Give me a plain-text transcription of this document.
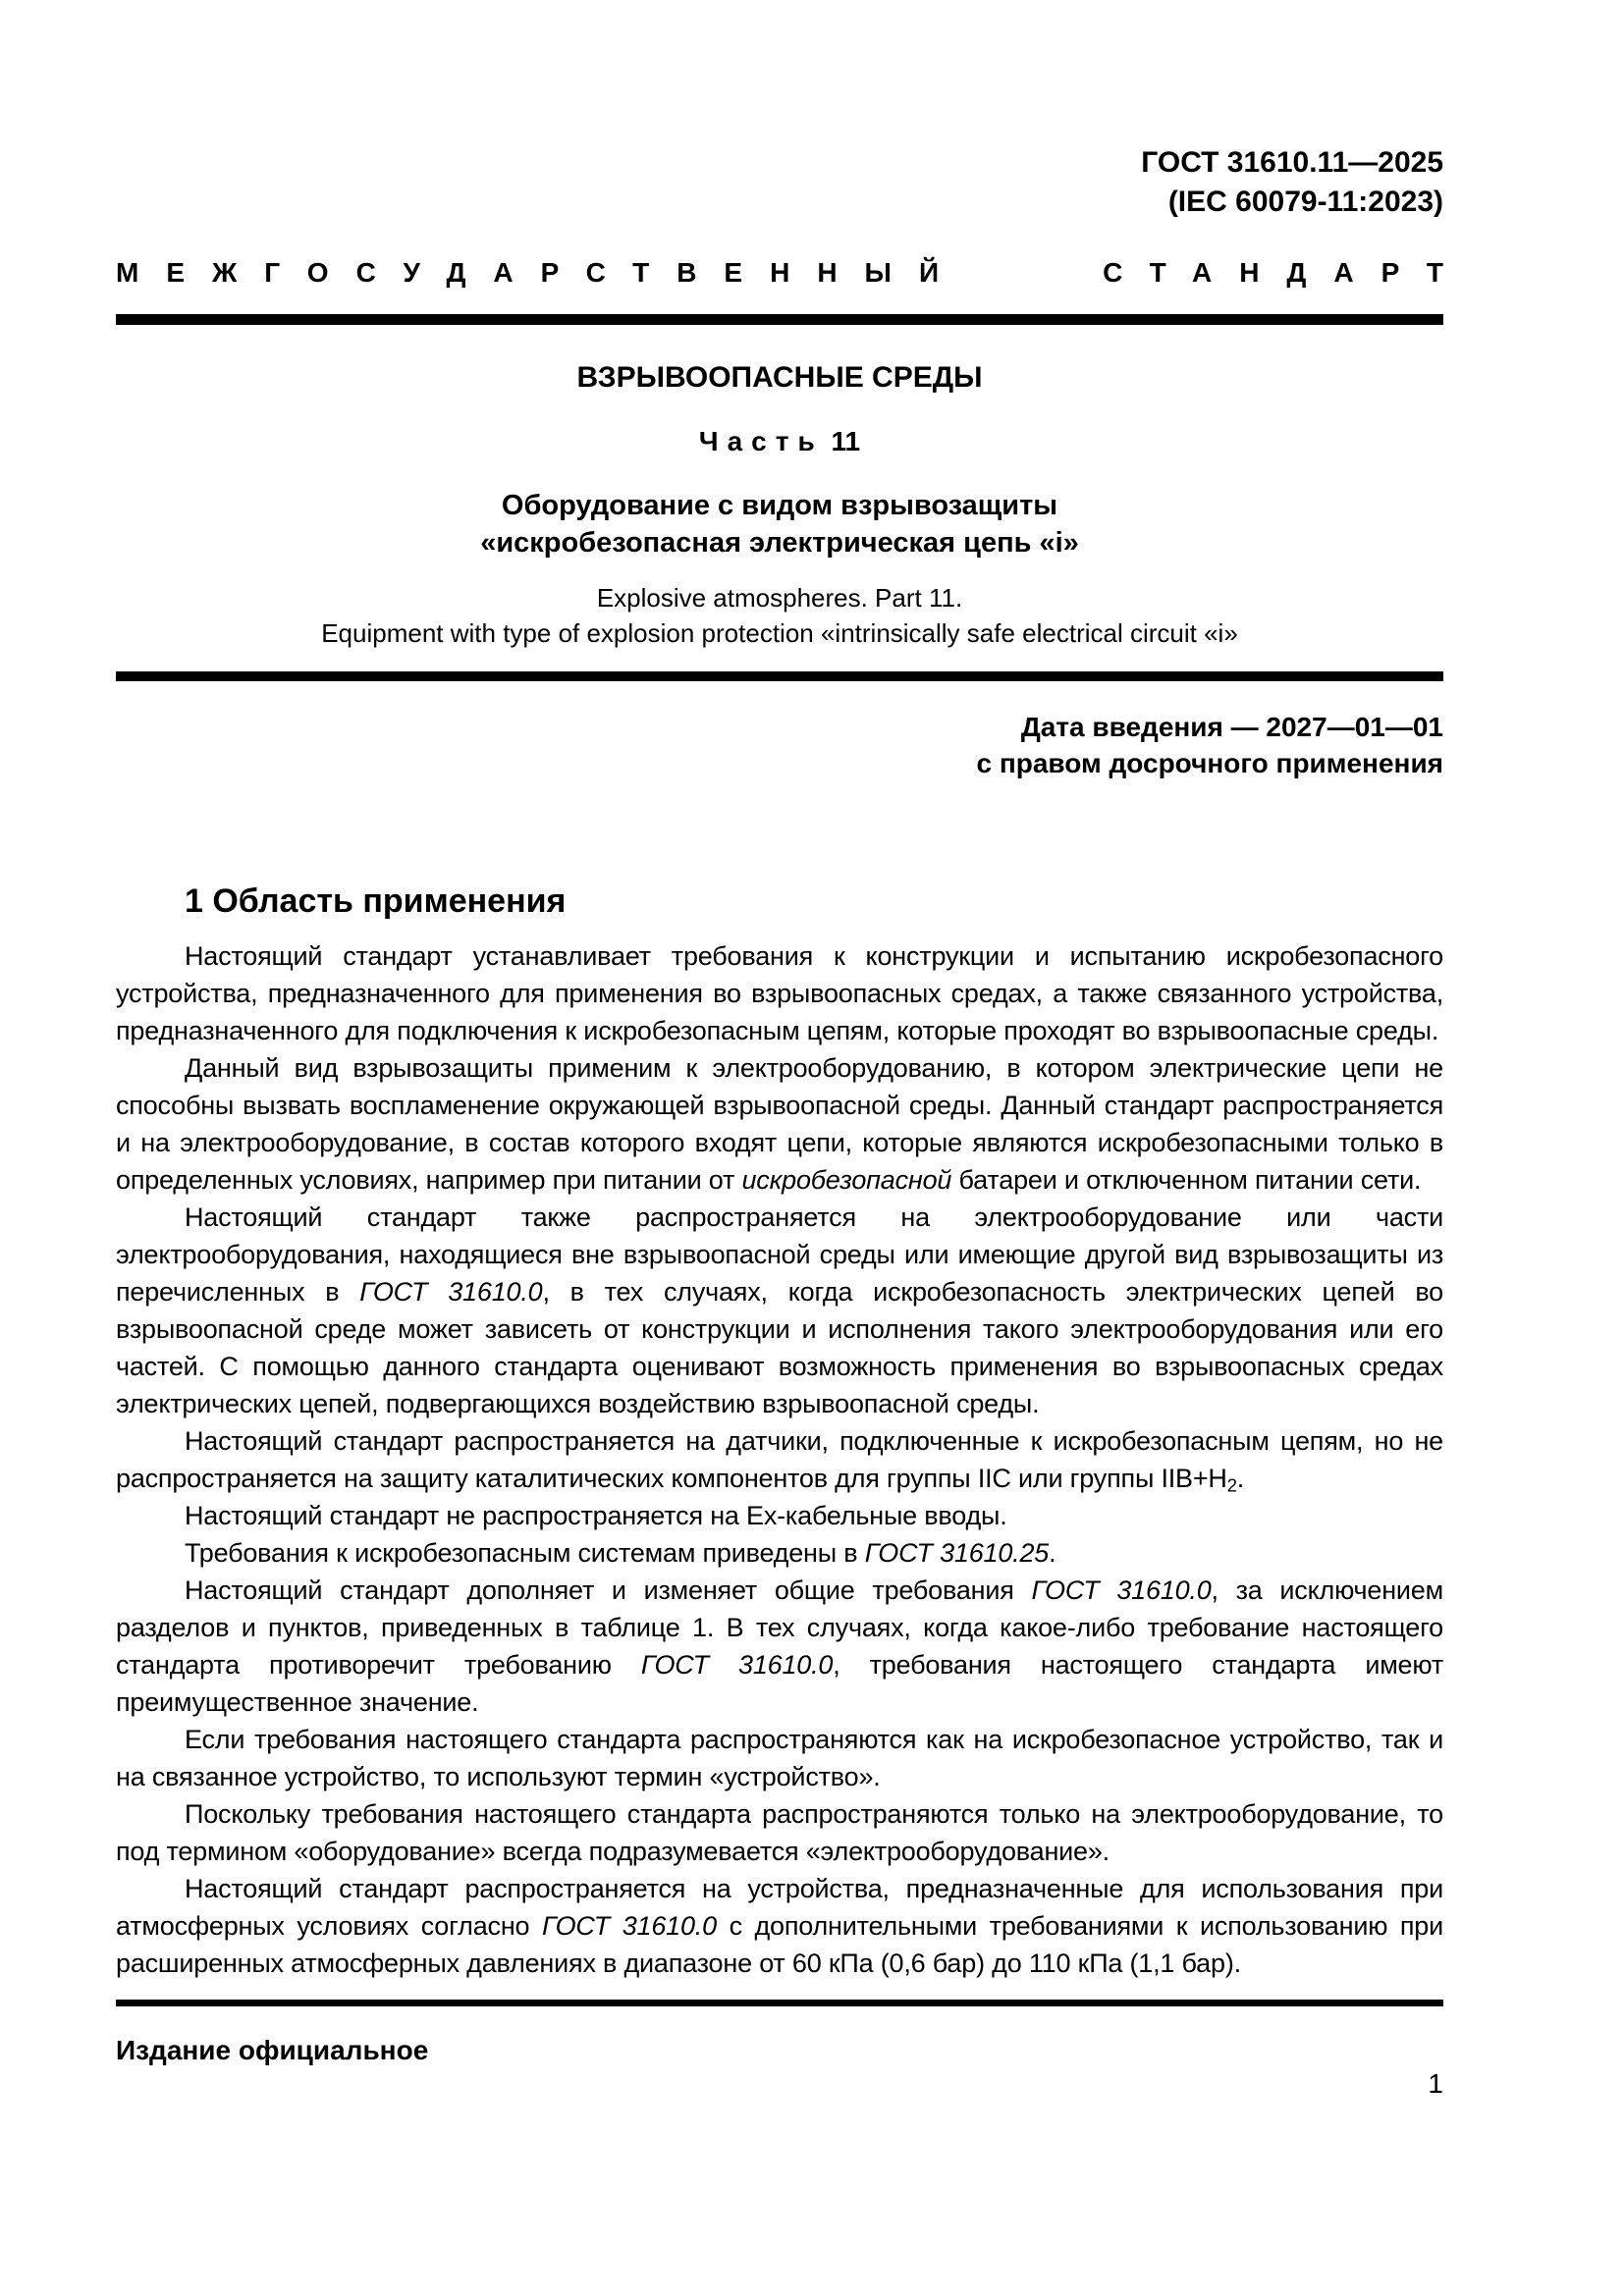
ГОСТ 31610.11—2025
(IEC 60079-11:2023)
МЕЖГОСУДАРСТВЕННЫЙ СТАНДАРТ
ВЗРЫВООПАСНЫЕ СРЕДЫ
Часть 11
Оборудование с видом взрывозащиты
«искробезопасная электрическая цепь «i»
Explosive atmospheres. Part 11.
Equipment with type of explosion protection «intrinsically safe electrical circuit «i»
Дата введения — 2027—01—01
с правом досрочного применения
1 Область применения

Настоящий стандарт устанавливает требования к конструкции и испытанию искробезопасного устройства, предназначенного для применения во взрывоопасных средах, а также связанного устройства, предназначенного для подключения к искробезопасным цепям, которые проходят во взрывоопасные среды.

Данный вид взрывозащиты применим к электрооборудованию, в котором электрические цепи не способны вызвать воспламенение окружающей взрывоопасной среды. Данный стандарт распространяется и на электрооборудование, в состав которого входят цепи, которые являются искробезопасными только в определенных условиях, например при питании от искробезопасной батареи и отключенном питании сети.

Настоящий стандарт также распространяется на электрооборудование или части электрооборудования, находящиеся вне взрывоопасной среды или имеющие другой вид взрывозащиты из перечисленных в ГОСТ 31610.0, в тех случаях, когда искробезопасность электрических цепей во взрывоопасной среде может зависеть от конструкции и исполнения такого электрооборудования или его частей. С помощью данного стандарта оценивают возможность применения во взрывоопасных средах электрических цепей, подвергающихся воздействию взрывоопасной среды.

Настоящий стандарт распространяется на датчики, подключенные к искробезопасным цепям, но не распространяется на защиту каталитических компонентов для группы IIC или группы $IIB+H_2$.

Настоящий стандарт не распространяется на Ex-кабельные вводы.

Требования к искробезопасным системам приведены в ГОСТ 31610.25.

Настоящий стандарт дополняет и изменяет общие требования ГОСТ 31610.0, за исключением разделов и пунктов, приведенных в таблице 1. В тех случаях, когда какое-либо требование настоящего стандарта противоречит требованию ГОСТ 31610.0, требования настоящего стандарта имеют преимущественное значение.

Если требования настоящего стандарта распространяются как на искробезопасное устройство, так и на связанное устройство, то используют термин «устройство».

Поскольку требования настоящего стандарта распространяются только на электрооборудование, то под термином «оборудование» всегда подразумевается «электрооборудование».

Настоящий стандарт распространяется на устройства, предназначенные для использования при атмосферных условиях согласно ГОСТ 31610.0 с дополнительными требованиями к использованию при расширенных атмосферных давлениях в диапазоне от 60 кПа (0,6 бар) до 110 кПа (1,1 бар).

Издание официальное
1
